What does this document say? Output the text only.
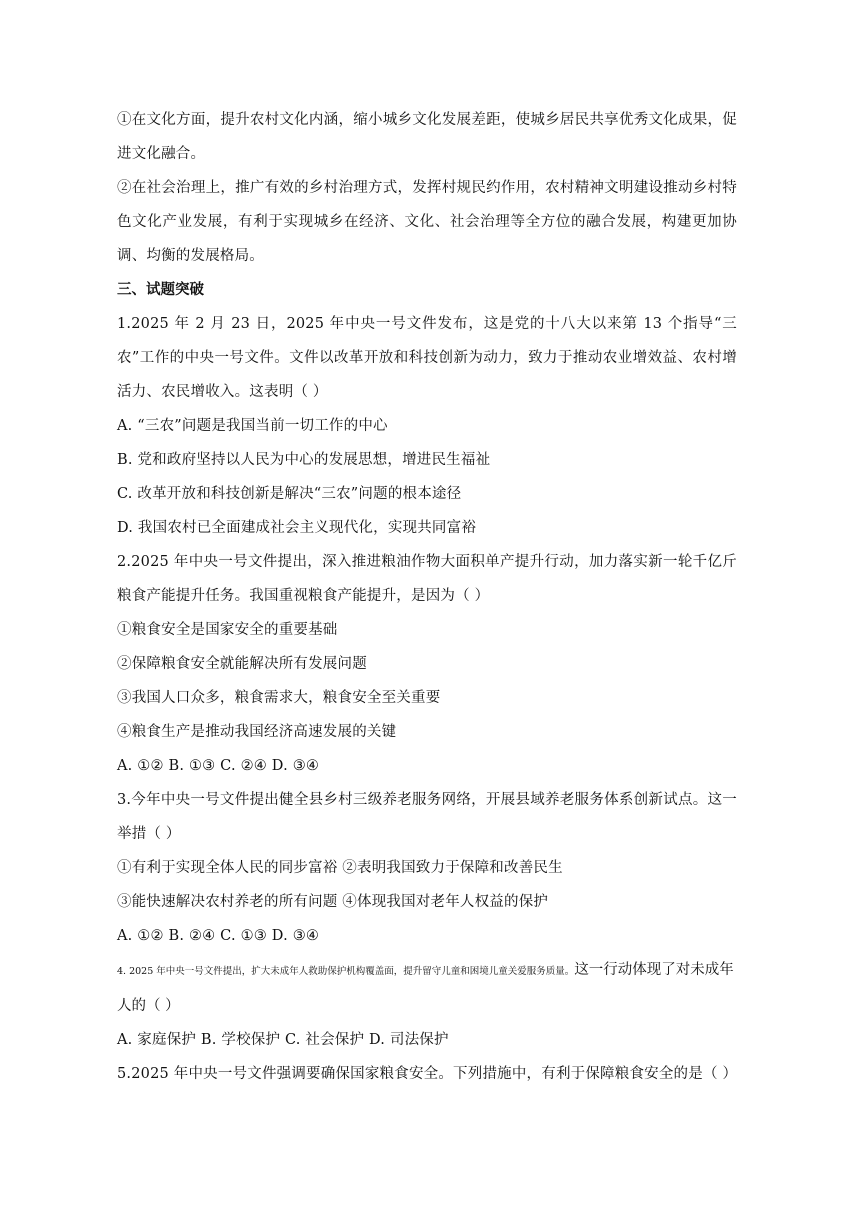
①在文化方面，提升农村文化内涵，缩小城乡文化发展差距，使城乡居民共享优秀文化成果，促进文化融合。

②在社会治理上，推广有效的乡村治理方式，发挥村规民约作用，农村精神文明建设推动乡村特色文化产业发展，有利于实现城乡在经济、文化、社会治理等全方位的融合发展，构建更加协调、均衡的发展格局。

三、试题突破

1.2025 年 2 月 23 日，2025 年中央一号文件发布，这是党的十八大以来第 13 个指导“三农”工作的中央一号文件。文件以改革开放和科技创新为动力，致力于推动农业增效益、农村增活力、农民增收入。这表明（ ）

A. “三农”问题是我国当前一切工作的中心

B. 党和政府坚持以人民为中心的发展思想，增进民生福祉

C. 改革开放和科技创新是解决“三农”问题的根本途径

D. 我国农村已全面建成社会主义现代化，实现共同富裕

2.2025 年中央一号文件提出，深入推进粮油作物大面积单产提升行动，加力落实新一轮千亿斤粮食产能提升任务。我国重视粮食产能提升，是因为（ ）

①粮食安全是国家安全的重要基础

②保障粮食安全就能解决所有发展问题

③我国人口众多，粮食需求大，粮食安全至关重要

④粮食生产是推动我国经济高速发展的关键

A. ①② B. ①③ C. ②④ D. ③④

3.今年中央一号文件提出健全县乡村三级养老服务网络，开展县域养老服务体系创新试点。这一举措（ ）

①有利于实现全体人民的同步富裕 ②表明我国致力于保障和改善民生

③能快速解决农村养老的所有问题 ④体现我国对老年人权益的保护

A. ①② B. ②④ C. ①③ D. ③④

4. 2025 年中央一号文件提出，扩大未成年人救助保护机构覆盖面，提升留守儿童和困境儿童关爱服务质量。这一行动体现了对未成年人的（ ）

A. 家庭保护 B. 学校保护 C. 社会保护 D. 司法保护

5.2025 年中央一号文件强调要确保国家粮食安全。下列措施中，有利于保障粮食安全的是（ ）
